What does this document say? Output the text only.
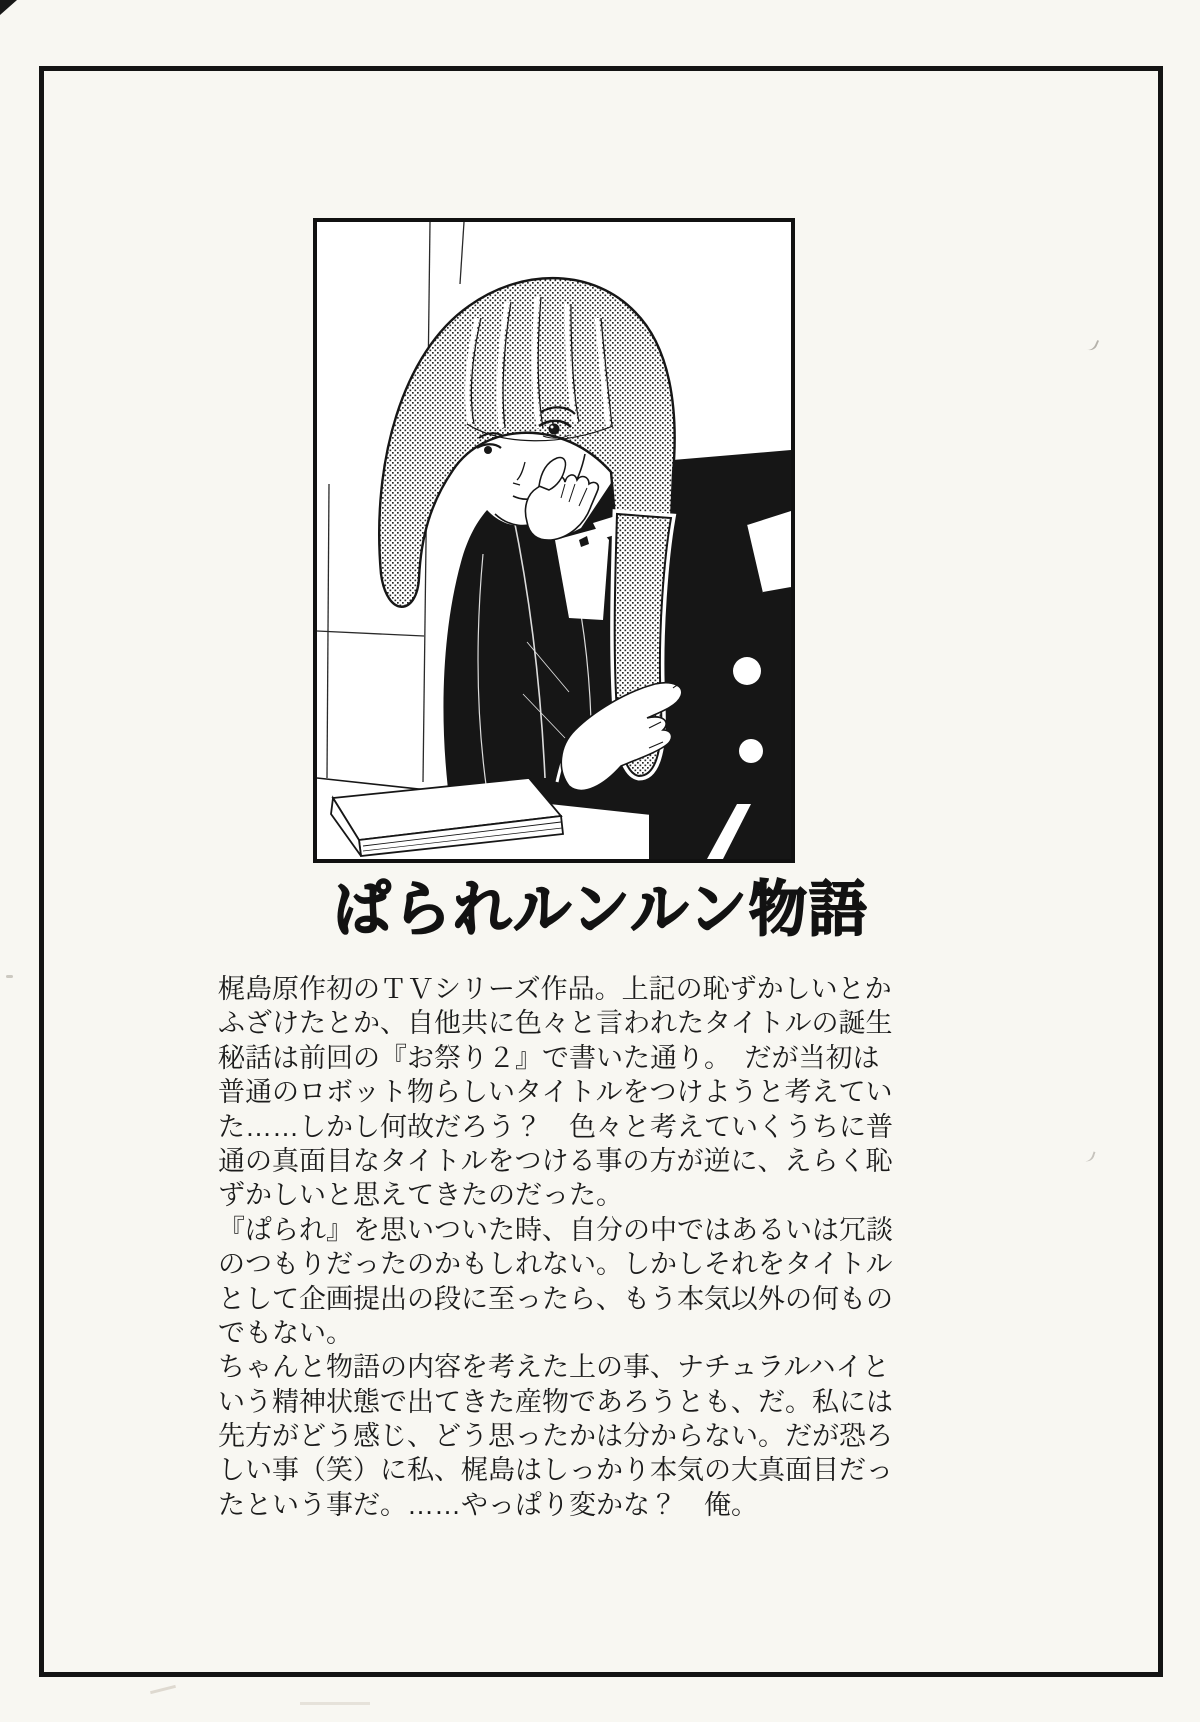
ぱられルンルン物語
梶島原作初のＴＶシリーズ作品。上記の恥ずかしいとか
ふざけたとか、自他共に色々と言われたタイトルの誕生
秘話は前回の『お祭り２』で書いた通り。　だが当初は
普通のロボット物らしいタイトルをつけようと考えてい
た……しかし何故だろう？　色々と考えていくうちに普
通の真面目なタイトルをつける事の方が逆に、えらく恥
ずかしいと思えてきたのだった。
『ぱられ』を思いついた時、自分の中ではあるいは冗談
のつもりだったのかもしれない。しかしそれをタイトル
として企画提出の段に至ったら、もう本気以外の何もの
でもない。
ちゃんと物語の内容を考えた上の事、ナチュラルハイと
いう精神状態で出てきた産物であろうとも、だ。私には
先方がどう感じ、どう思ったかは分からない。だが恐ろ
しい事（笑）に私、梶島はしっかり本気の大真面目だっ
たという事だ。……やっぱり変かな？　俺。
